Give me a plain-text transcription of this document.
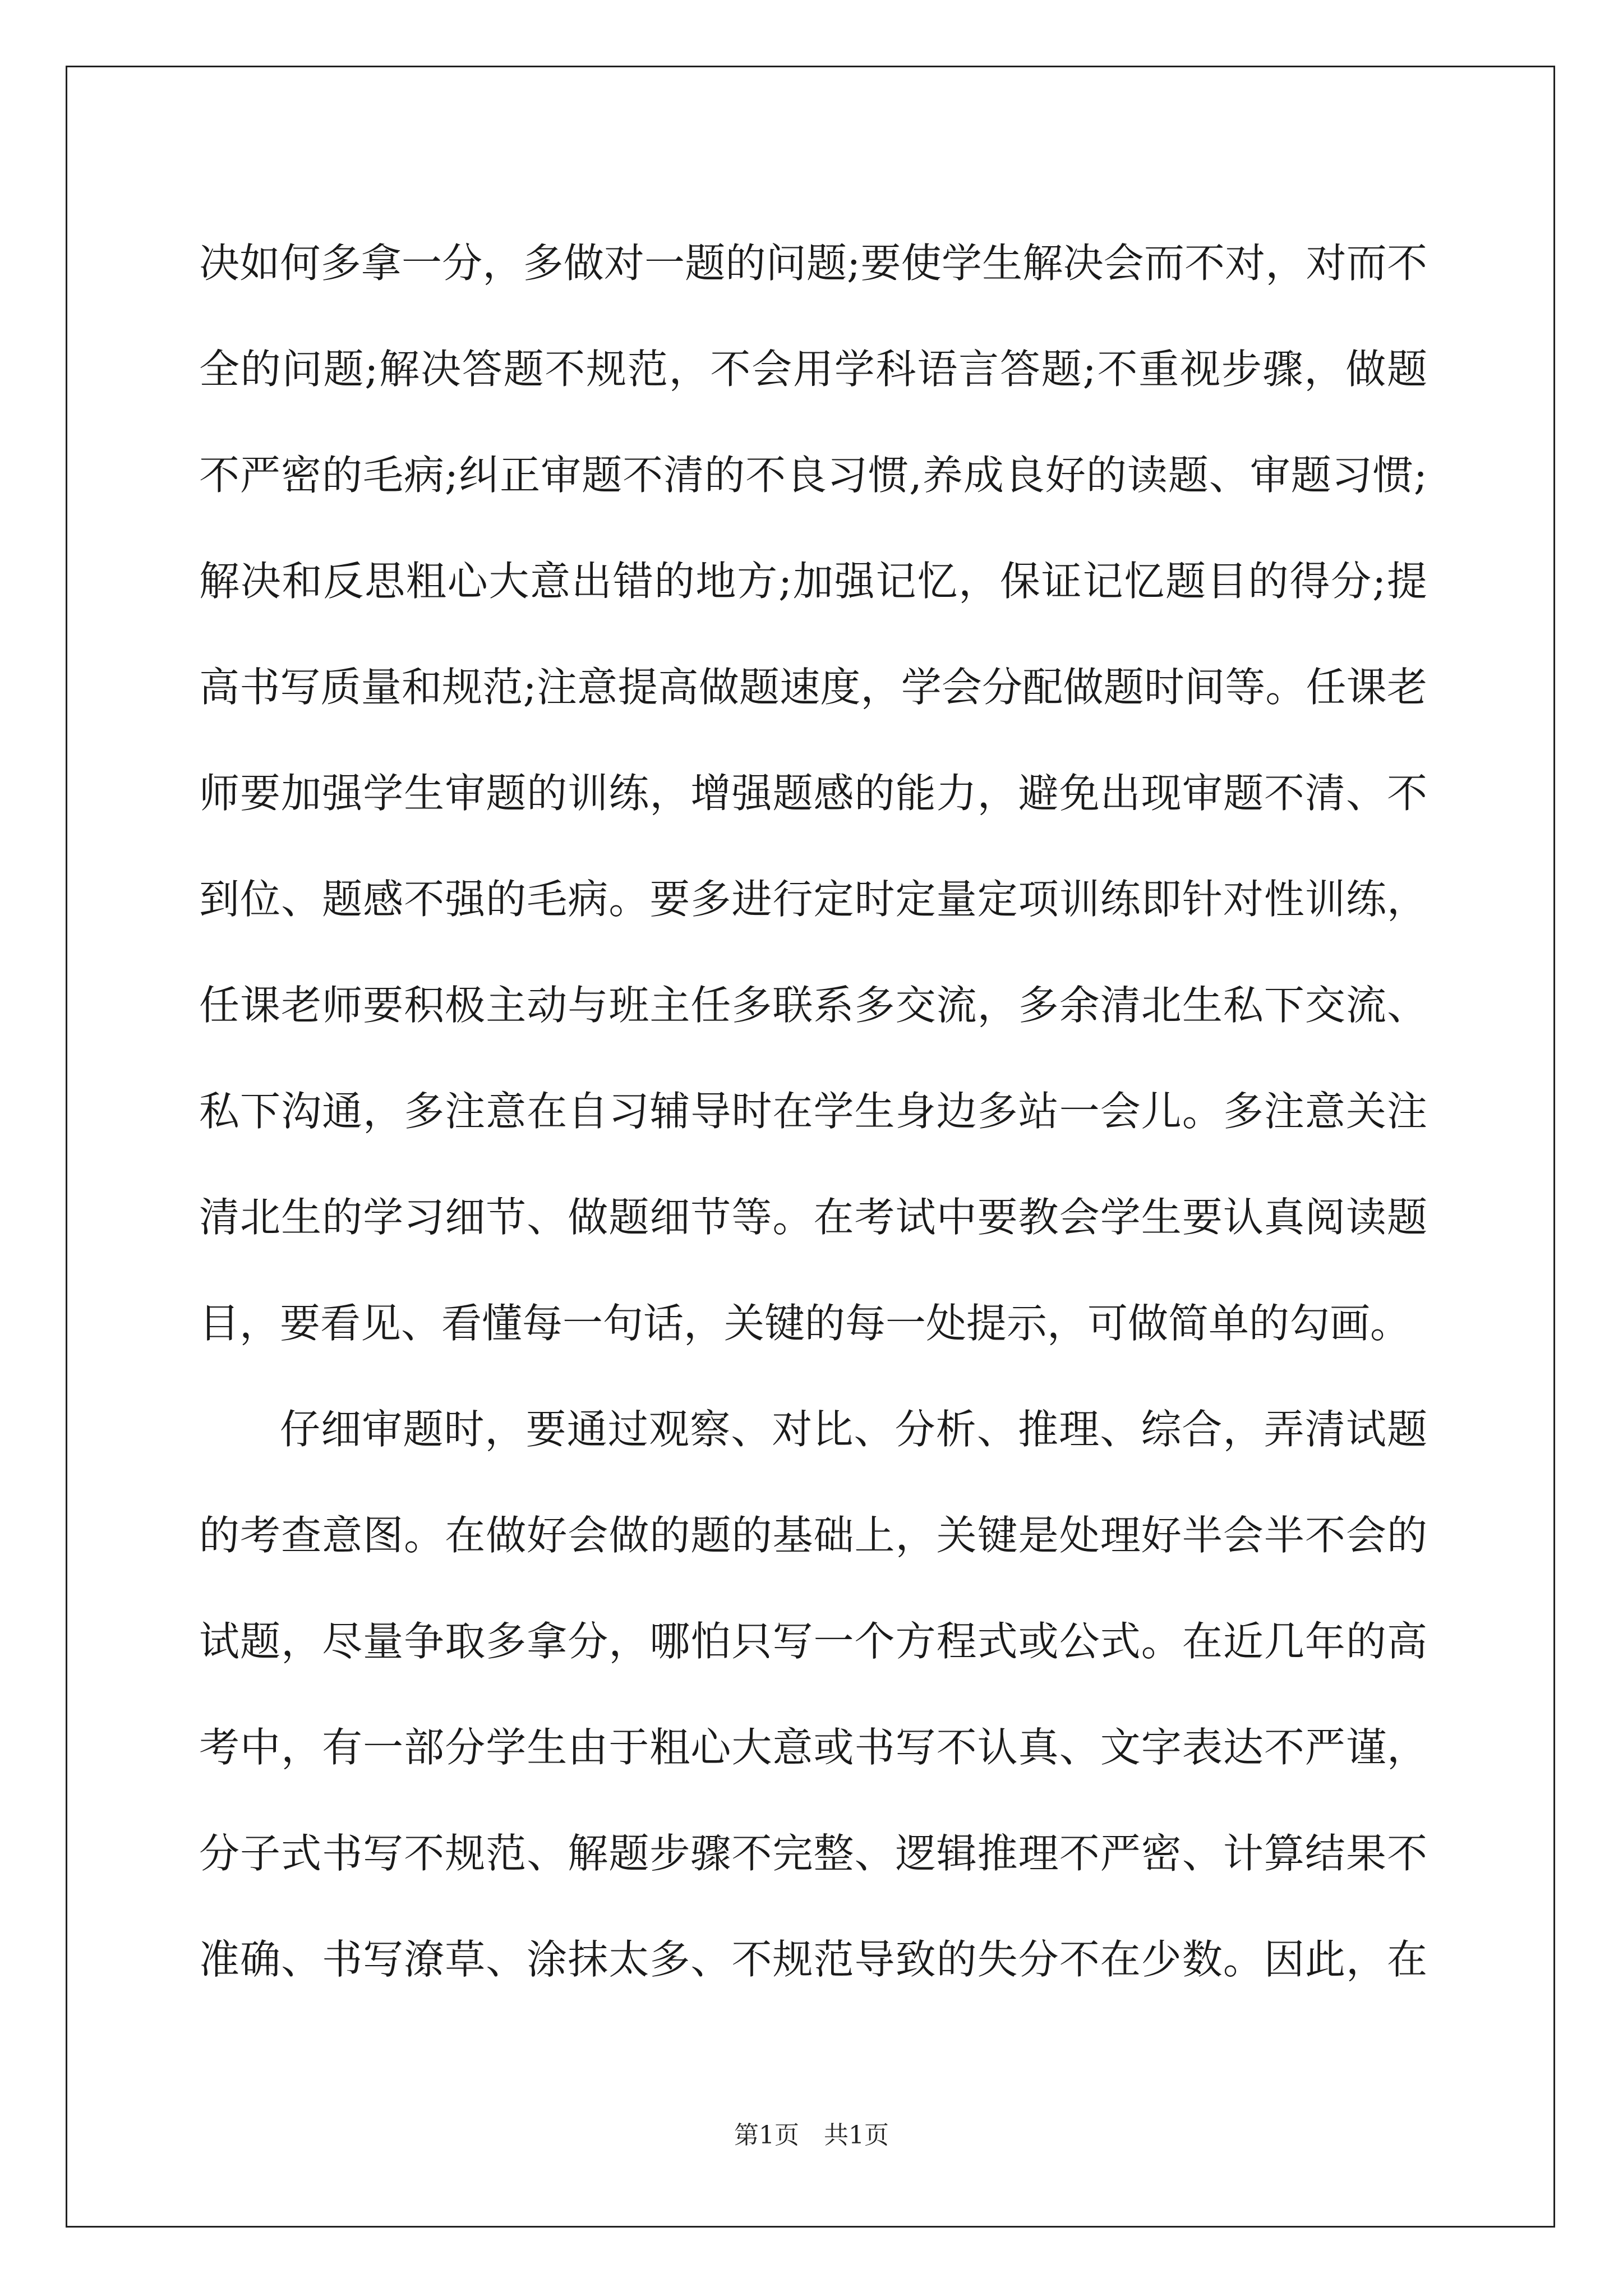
决如何多拿一分，多做对一题的问题;要使学生解决会而不对，对而不
全的问题;解决答题不规范，不会用学科语言答题;不重视步骤，做题
不严密的毛病;纠正审题不清的不良习惯,养成良好的读题、审题习惯;
解决和反思粗心大意出错的地方;加强记忆，保证记忆题目的得分;提
高书写质量和规范;注意提高做题速度，学会分配做题时间等。任课老
师要加强学生审题的训练，增强题感的能力，避免出现审题不清、不
到位、题感不强的毛病。要多进行定时定量定项训练即针对性训练，
任课老师要积极主动与班主任多联系多交流，多余清北生私下交流、
私下沟通，多注意在自习辅导时在学生身边多站一会儿。多注意关注
清北生的学习细节、做题细节等。在考试中要教会学生要认真阅读题
目，要看见、看懂每一句话，关键的每一处提示，可做简单的勾画。
仔细审题时，要通过观察、对比、分析、推理、综合，弄清试题
的考查意图。在做好会做的题的基础上，关键是处理好半会半不会的
试题，尽量争取多拿分，哪怕只写一个方程式或公式。在近几年的高
考中，有一部分学生由于粗心大意或书写不认真、文字表达不严谨，
分子式书写不规范、解题步骤不完整、逻辑推理不严密、计算结果不
准确、书写潦草、涂抹太多、不规范导致的失分不在少数。因此，在
第1页 共1页
